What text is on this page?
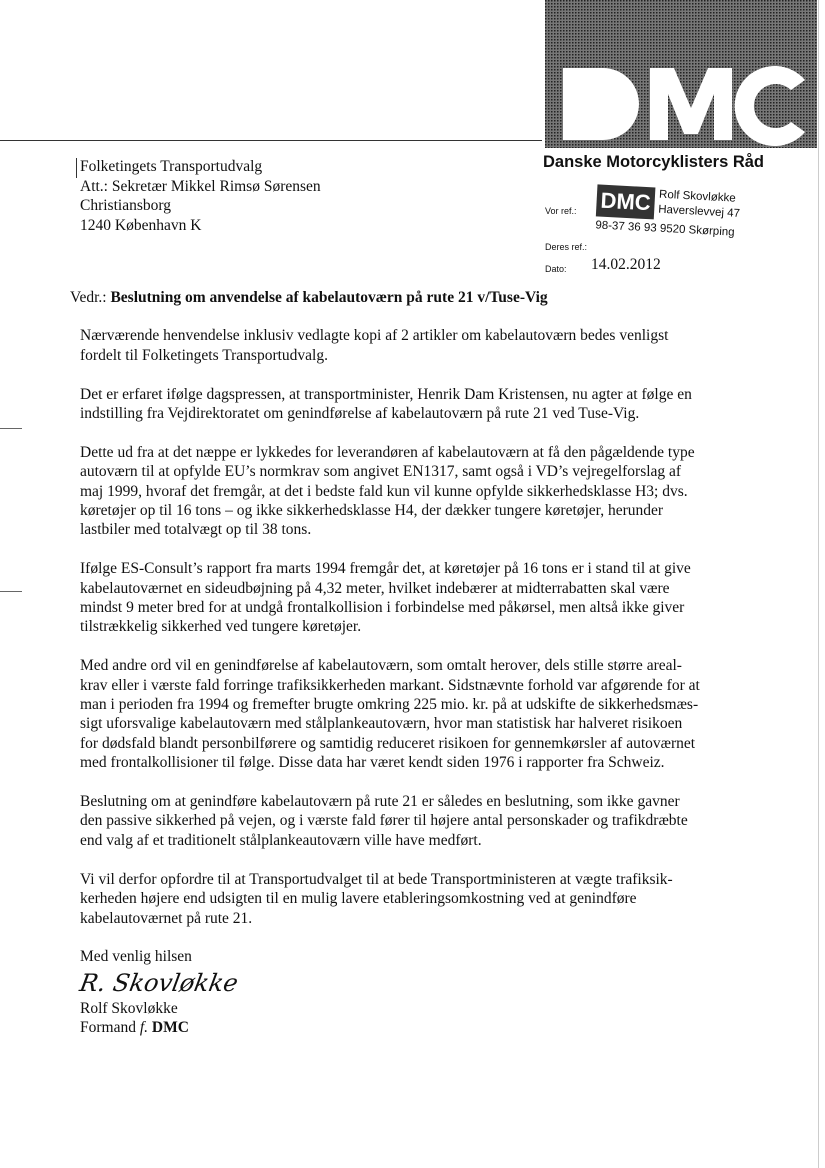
Danske Motorcyklisters Råd
Folketingets Transportudvalg
Att.: Sekretær Mikkel Rimsø Sørensen
Christiansborg
1240 København K
Vor ref.:
Deres ref.:
Dato: 14.02.2012
DMC Rolf Skovløkke
Haverslevvej 47
98-37 36 93 9520 Skørping

Vedr.: Beslutning om anvendelse af kabelautoværn på rute 21 v/Tuse-Vig

Nærværende henvendelse inklusiv vedlagte kopi af 2 artikler om kabelautoværn bedes venligst
fordelt til Folketingets Transportudvalg.

Det er erfaret ifølge dagspressen, at transportminister, Henrik Dam Kristensen, nu agter at følge en
indstilling fra Vejdirektoratet om genindførelse af kabelautoværn på rute 21 ved Tuse-Vig.

Dette ud fra at det næppe er lykkedes for leverandøren af kabelautoværn at få den pågældende type
autoværn til at opfylde EU’s normkrav som angivet EN1317, samt også i VD’s vejregelforslag af
maj 1999, hvoraf det fremgår, at det i bedste fald kun vil kunne opfylde sikkerhedsklasse H3; dvs.
køretøjer op til 16 tons – og ikke sikkerhedsklasse H4, der dækker tungere køretøjer, herunder
lastbiler med totalvægt op til 38 tons.

Ifølge ES-Consult’s rapport fra marts 1994 fremgår det, at køretøjer på 16 tons er i stand til at give
kabelautoværnet en sideudbøjning på 4,32 meter, hvilket indebærer at midterrabatten skal være
mindst 9 meter bred for at undgå frontalkollision i forbindelse med påkørsel, men altså ikke giver
tilstrækkelig sikkerhed ved tungere køretøjer.

Med andre ord vil en genindførelse af kabelautoværn, som omtalt herover, dels stille større areal-
krav eller i værste fald forringe trafiksikkerheden markant. Sidstnævnte forhold var afgørende for at
man i perioden fra 1994 og fremefter brugte omkring 225 mio. kr. på at udskifte de sikkerhedsmæs-
sigt uforsvalige kabelautoværn med stålplankeautoværn, hvor man statistisk har halveret risikoen
for dødsfald blandt personbilførere og samtidig reduceret risikoen for gennemkørsler af autoværnet
med frontalkollisioner til følge. Disse data har været kendt siden 1976 i rapporter fra Schweiz.

Beslutning om at genindføre kabelautoværn på rute 21 er således en beslutning, som ikke gavner
den passive sikkerhed på vejen, og i værste fald fører til højere antal personskader og trafikdræbte
end valg af et traditionelt stålplankeautoværn ville have medført.

Vi vil derfor opfordre til at Transportudvalget til at bede Transportministeren at vægte trafiksik-
kerheden højere end udsigten til en mulig lavere etableringsomkostning ved at genindføre
kabelautoværnet på rute 21.

Med venlig hilsen
R. Skovløkke
Rolf Skovløkke
Formand f. DMC
